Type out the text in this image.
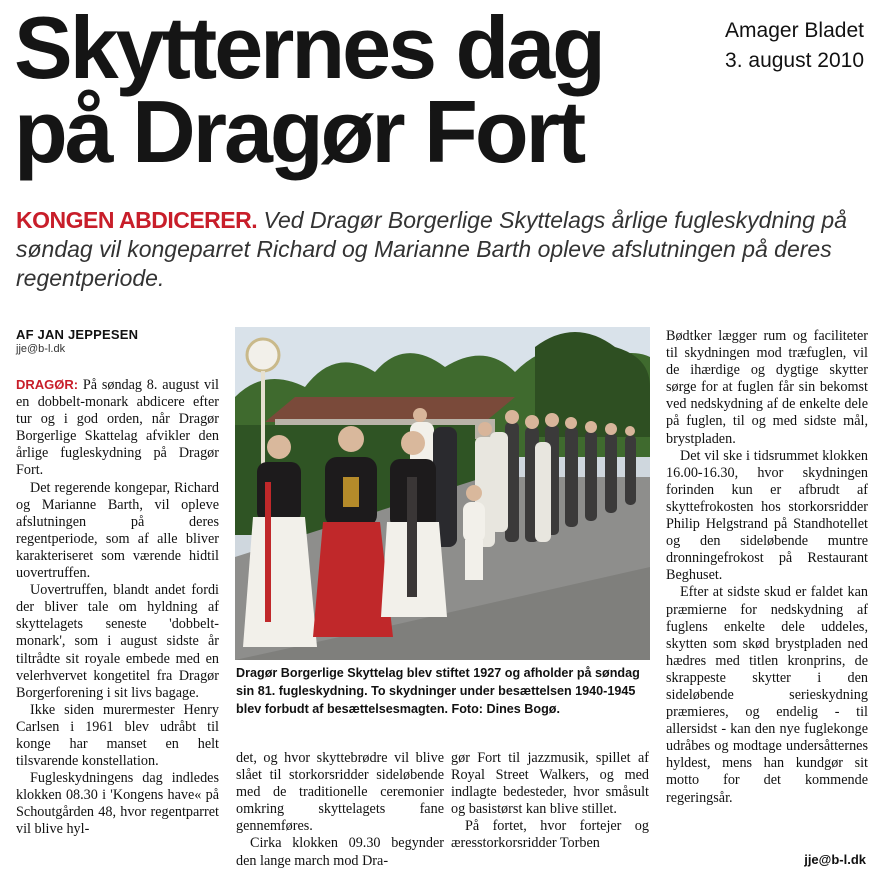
Skytternes dag
på Dragør Fort
Amager Bladet
3. august 2010
KONGEN ABDICERER. Ved Dragør Borgerlige Skyttelags årlige fugleskydning på søndag vil kongeparret Richard og Marianne Barth opleve afslutningen på deres regentperiode.
AF JAN JEPPESEN
jje@b-l.dk

DRAGØR: På søndag 8. august vil en dobbelt-monark abdicere efter tur og i god orden, når Dragør Borgerlige Skattelag afvikler den årlige fugleskydning på Dragør Fort.

Det regerende kongepar, Richard og Marianne Barth, vil opleve afslutningen på deres regentperiode, som af alle bliver karakteriseret som værende hidtil uovertruffen.

Uovertruffen, blandt andet fordi der bliver tale om hyldning af skyttelagets seneste 'dobbelt-monark', som i august sidste år tiltrådte sit royale embede med en velerhvervet kongetitel fra Dragør Borgerforening i sit livs bagage.

Ikke siden murermester Henry Carlsen i 1961 blev udråbt til konge har manset en helt tilsvarende konstellation.

Fugleskydningens dag indledes klokken 08.30 i 'Kongens have« på Schoutgården 48, hvor regentparret vil blive hyl-

Dragør Borgerlige Skyttelag blev stiftet 1927 og afholder på søndag sin 81. fugleskydning. To skydninger under besættelsen 1940-1945 blev forbudt af besættelsesmagten. Foto: Dines Bogø.

det, og hvor skyttebrødre vil blive slået til storkorsridder sideløbende med de traditionelle ceremonier omkring skyttelagets fane gennemføres.

Cirka klokken 09.30 begynder den lange march mod Dra-

gør Fort til jazzmusik, spillet af Royal Street Walkers, og med indlagte bedesteder, hvor småsult og basistørst kan blive stillet.

På fortet, hvor fortejer og æresstorkorsridder Torben

Bødtker lægger rum og faciliteter til skydningen mod træfuglen, vil de ihærdige og dygtige skytter sørge for at fuglen får sin bekomst ved nedskydning af de enkelte dele på fuglen, til og med sidste mål, brystpladen.

Det vil ske i tidsrummet klokken 16.00-16.30, hvor skydningen forinden kun er afbrudt af skyttefrokosten hos storkorsridder Philip Helgstrand på Standhotellet og den sideløbende muntre dronningefrokost på Restaurant Beghuset.

Efter at sidste skud er faldet kan præmierne for nedskydning af fuglens enkelte dele uddeles, skytten som skød brystpladen ned hædres med titlen kronprins, de skrappeste skytter i den sideløbende serieskydning præmieres, og endelig - til allersidst - kan den nye fuglekonge udråbes og modtage undersåtternes hyldest, mens han kundgør sit motto for det kommende regeringsår.

jje@b-l.dk
